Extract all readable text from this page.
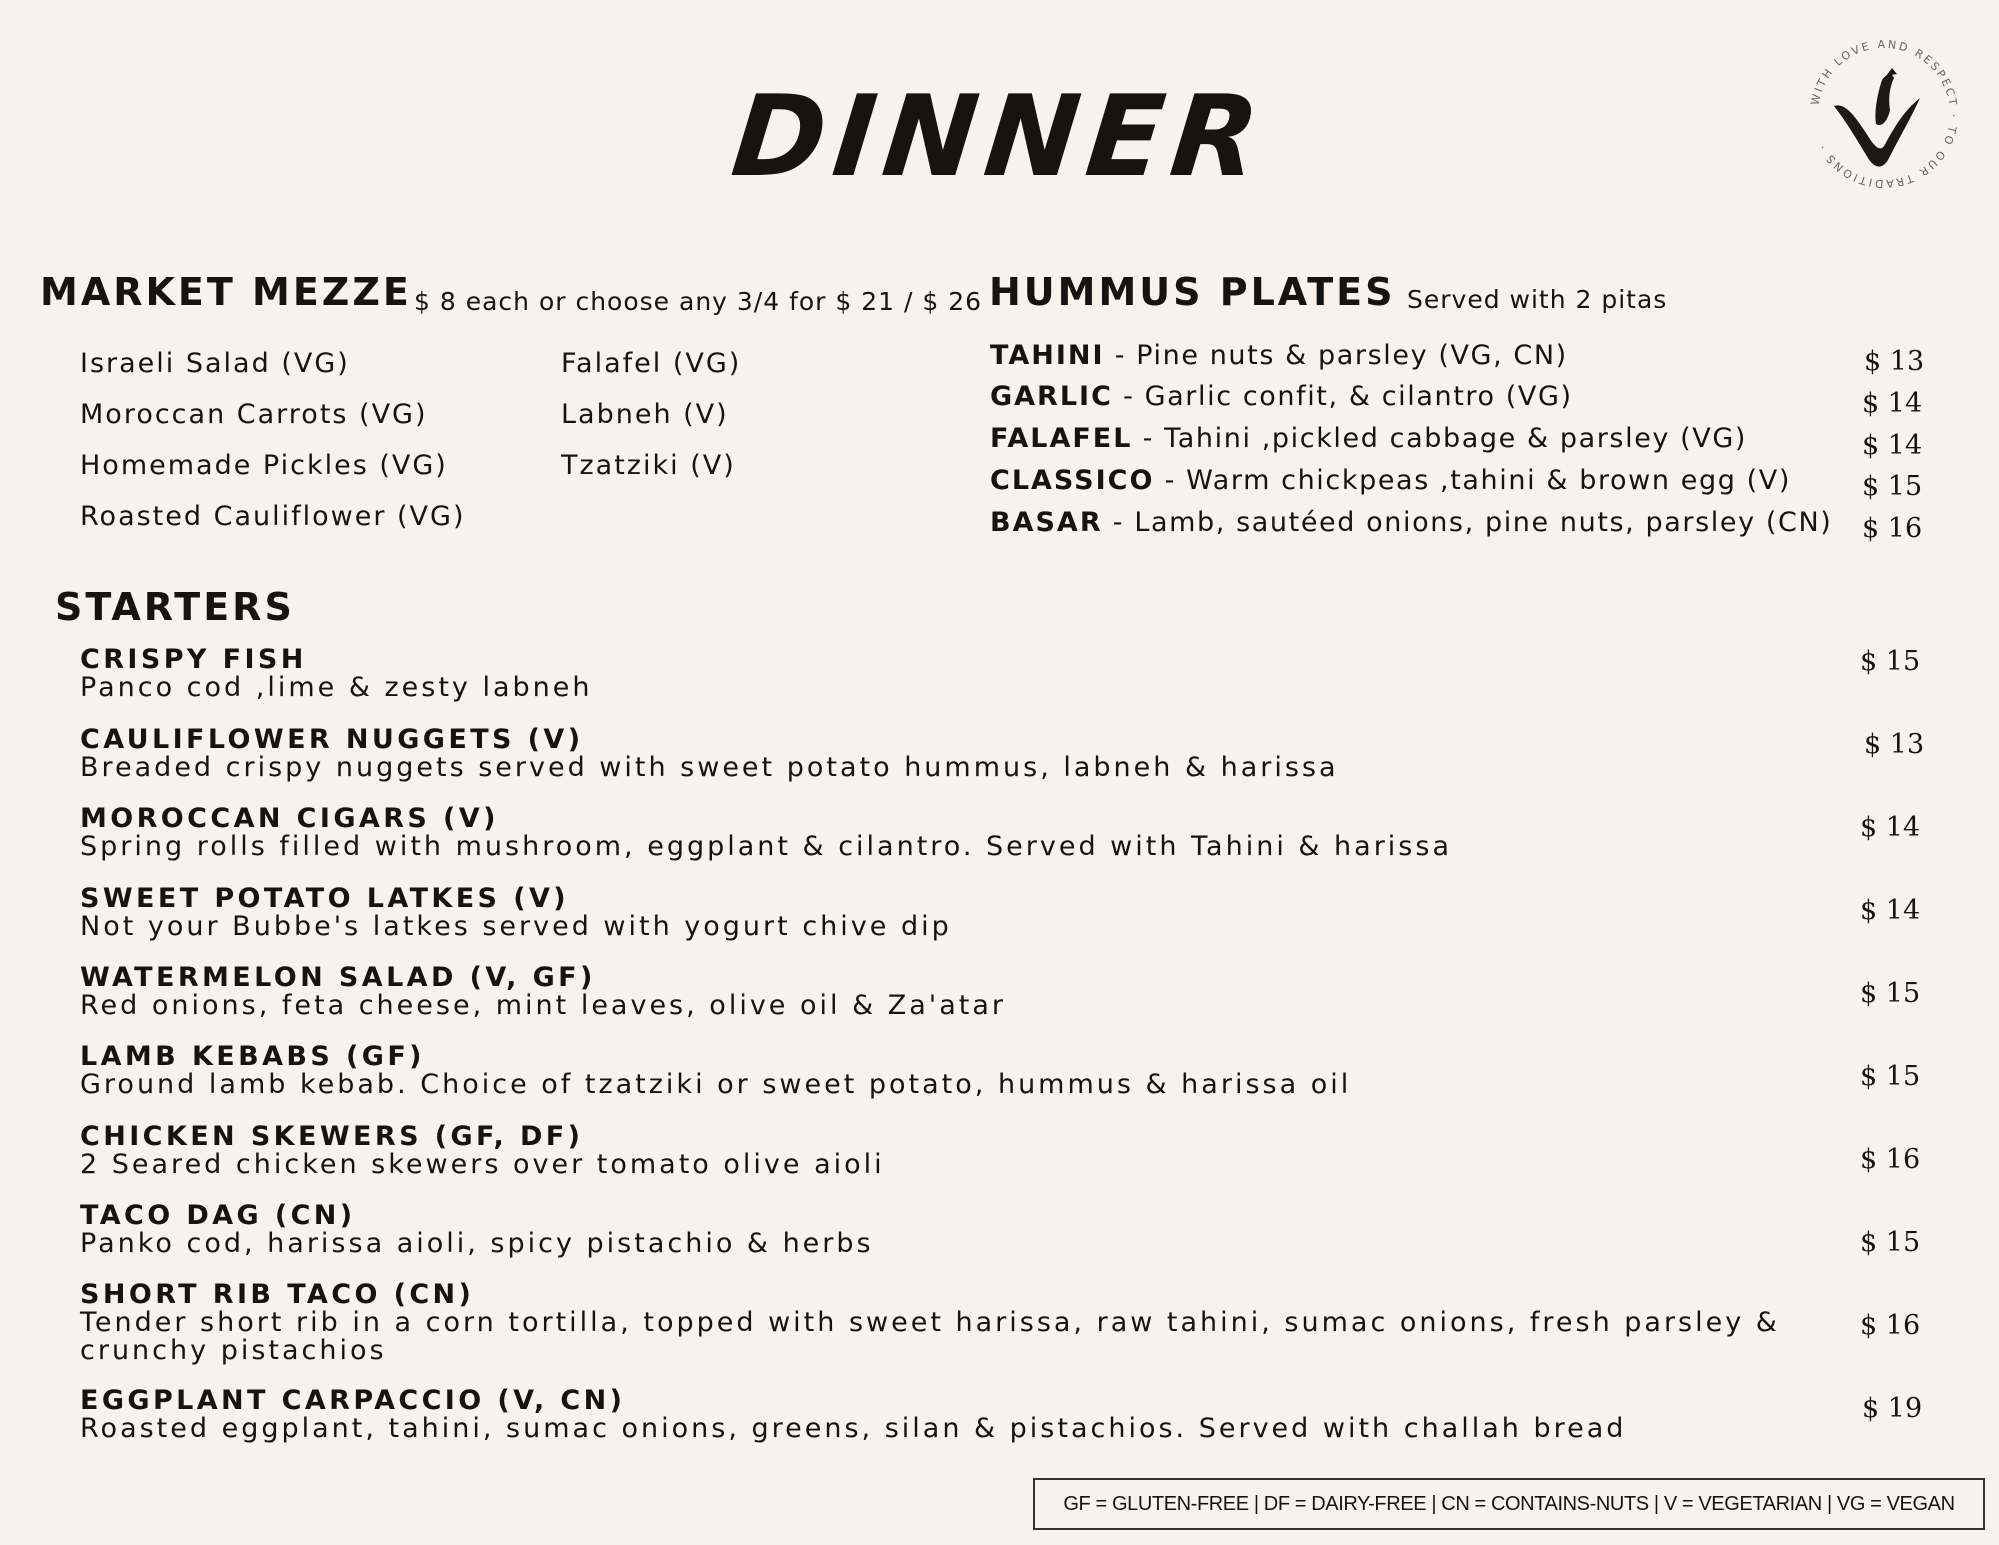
DINNER	WITH LOVE AND RESPECT · TO OUR TRADITIONS ·
MARKET MEZZE $ 8 each or choose any 3/4 for $ 21 / $ 26
Israeli Salad (VG)
Moroccan Carrots (VG)
Homemade Pickles (VG)
Roasted Cauliflower (VG)
Falafel (VG)
Labneh (V)
Tzatziki (V)
HUMMUS PLATES Served with 2 pitas
TAHINI - Pine nuts & parsley (VG, CN)	$ 13
GARLIC - Garlic confit, & cilantro (VG)	$ 14
FALAFEL - Tahini ,pickled cabbage & parsley (VG)	$ 14
CLASSICO - Warm chickpeas ,tahini & brown egg (V)	$ 15
BASAR - Lamb, sautéed onions, pine nuts, parsley (CN) $ 16
STARTERS
CRISPY FISH
Panco cod ,lime & zesty labneh
$ 15
CAULIFLOWER NUGGETS (V)
Breaded crispy nuggets served with sweet potato hummus, labneh & harissa
$ 13
MOROCCAN CIGARS (V)
Spring rolls filled with mushroom, eggplant & cilantro. Served with Tahini & harissa
$ 14
SWEET POTATO LATKES (V)
Not your Bubbe's latkes served with yogurt chive dip
$ 14
WATERMELON SALAD (V, GF)
Red onions, feta cheese, mint leaves, olive oil & Za'atar	$ 15
LAMB KEBABS (GF)
Ground lamb kebab. Choice of tzatziki or sweet potato, hummus & harissa oil	$ 15
CHICKEN SKEWERS (GF, DF)
2 Seared chicken skewers over tomato olive aioli	$ 16
TACO DAG (CN)
Panko cod, harissa aioli, spicy pistachio & herbs	$ 15
SHORT RIB TACO (CN)
Tender short rib in a corn tortilla, topped with sweet harissa, raw tahini, sumac onions, fresh parsley & crunchy pistachios
$ 16
EGGPLANT CARPACCIO (V, CN)
Roasted eggplant, tahini, sumac onions, greens, silan & pistachios. Served with challah bread
$ 19
GF = GLUTEN-FREE | DF = DAIRY-FREE | CN = CONTAINS-NUTS | V = VEGETARIAN | VG = VEGAN
